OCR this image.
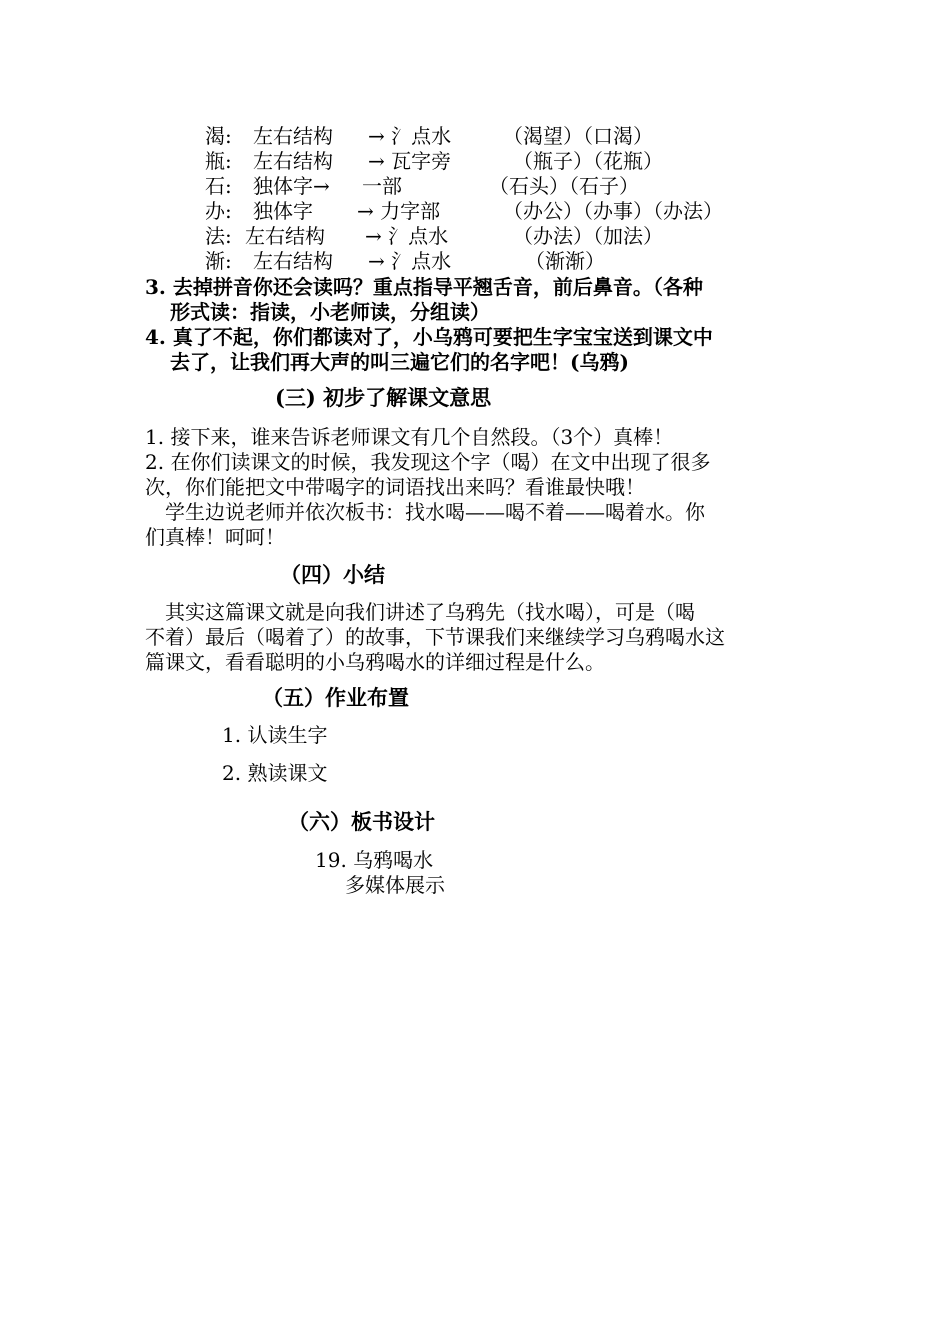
渴: 左右结构 → 氵点水	（渴望）（口渴）
瓶: 左右结构 → 瓦字旁	（瓶子）（花瓶）
石: 独体字→ 一部	（石头）（石子）
办: 独体字 → 力字部	（办公）（办事）（办法）
法: 左右结构 → 氵点水	（办法）（加法）
渐: 左右结构 → 氵点水	（渐渐）
3. 去掉拼音你还会读吗？重点指导平翘舌音，前后鼻音。（各种
形式读：指读，小老师读，分组读）
4. 真了不起，你们都读对了，小乌鸦可要把生字宝宝送到课文中
去了，让我们再大声的叫三遍它们的名字吧！(乌鸦)
(三) 初步了解课文意思
1. 接下来，谁来告诉老师课文有几个自然段。（3个）真棒！
2. 在你们读课文的时候，我发现这个字（喝）在文中出现了很多
次，你们能把文中带喝字的词语找出来吗？看谁最快哦！
　学生边说老师并依次板书：找水喝——喝不着——喝着水。你
们真棒！呵呵！
（四）小结
　其实这篇课文就是向我们讲述了乌鸦先（找水喝），可是（喝
不着）最后（喝着了）的故事，下节课我们来继续学习乌鸦喝水这
篇课文，看看聪明的小乌鸦喝水的详细过程是什么。
（五）作业布置
1. 认读生字
2. 熟读课文
（六）板书设计
19. 乌鸦喝水
多媒体展示
